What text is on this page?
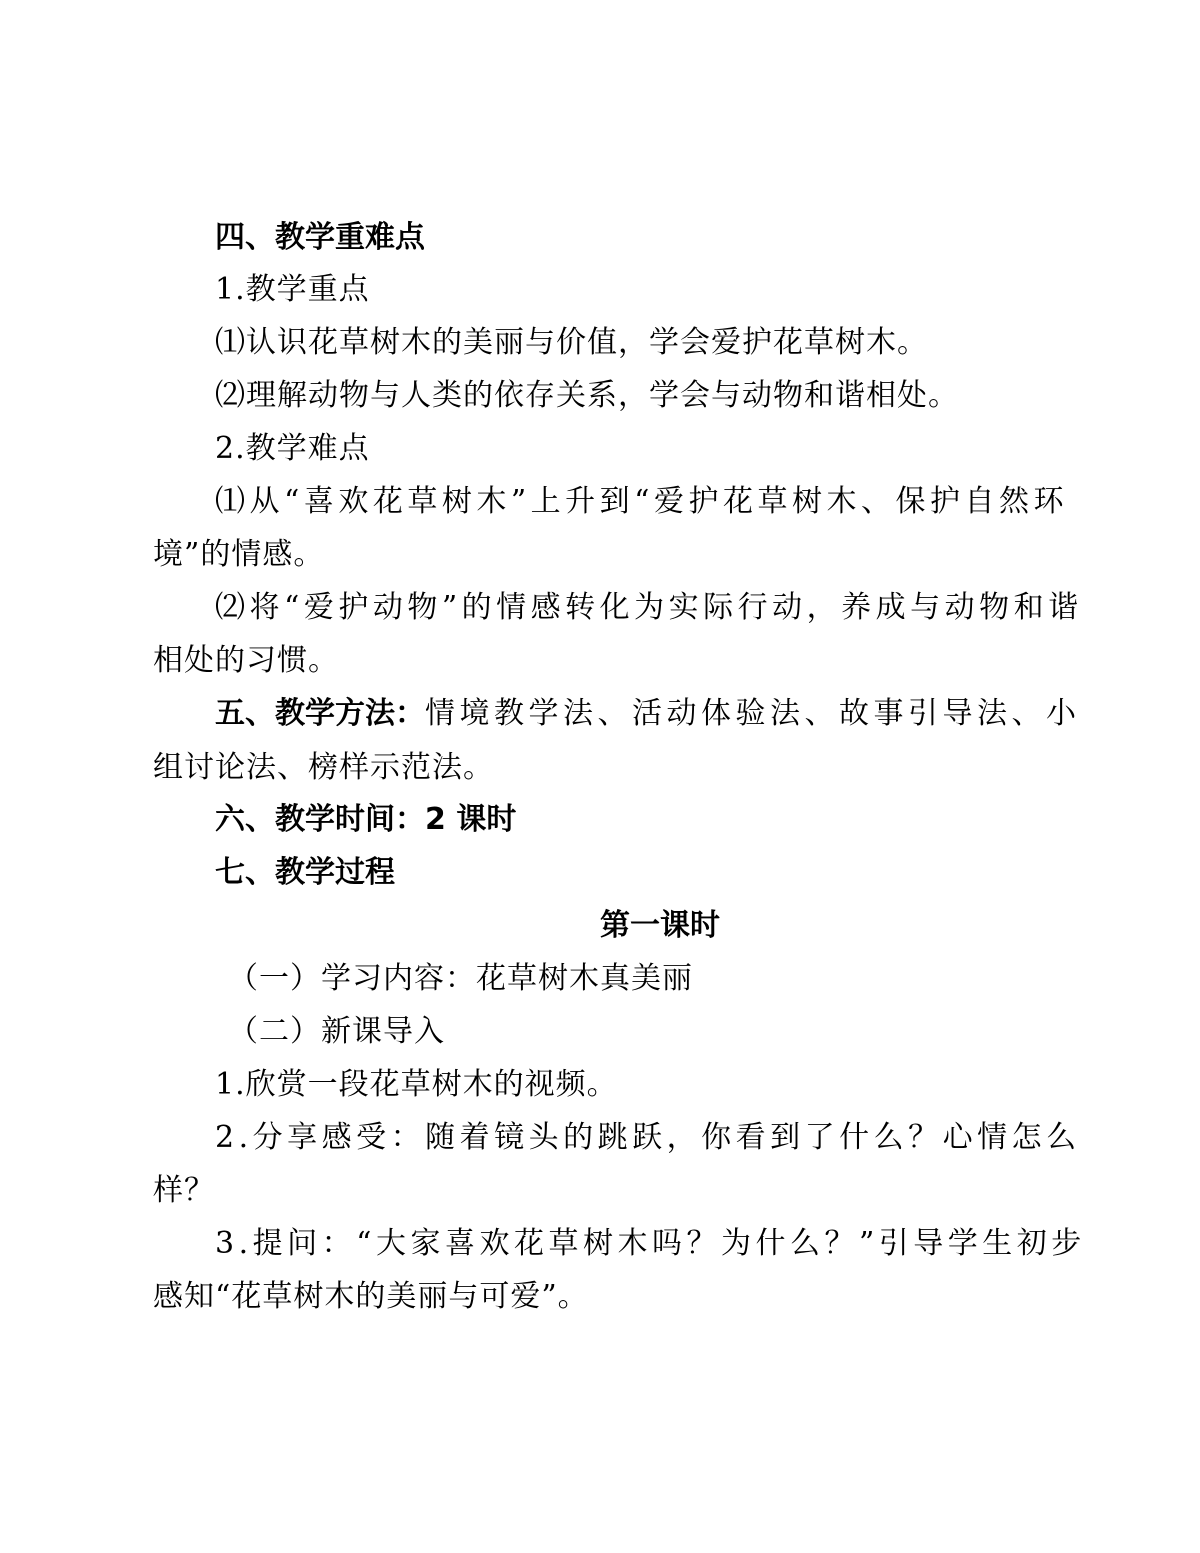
四、教学重难点
1.教学重点
⑴认识花草树木的美丽与价值，学会爱护花草树木。
⑵理解动物与人类的依存关系，学会与动物和谐相处。
2.教学难点
⑴从“喜欢花草树木”上升到“爱护花草树木、保护自然环
境”的情感。
⑵将“爱护动物”的情感转化为实际行动，养成与动物和谐
相处的习惯。
五、教学方法：情境教学法、活动体验法、故事引导法、小
组讨论法、榜样示范法。
六、教学时间：2 课时
七、教学过程
第一课时
（一）学习内容：花草树木真美丽
（二）新课导入
1.欣赏一段花草树木的视频。
2.分享感受：随着镜头的跳跃，你看到了什么？心情怎么
样？
3.提问：“大家喜欢花草树木吗？为什么？”引导学生初步
感知“花草树木的美丽与可爱”。
